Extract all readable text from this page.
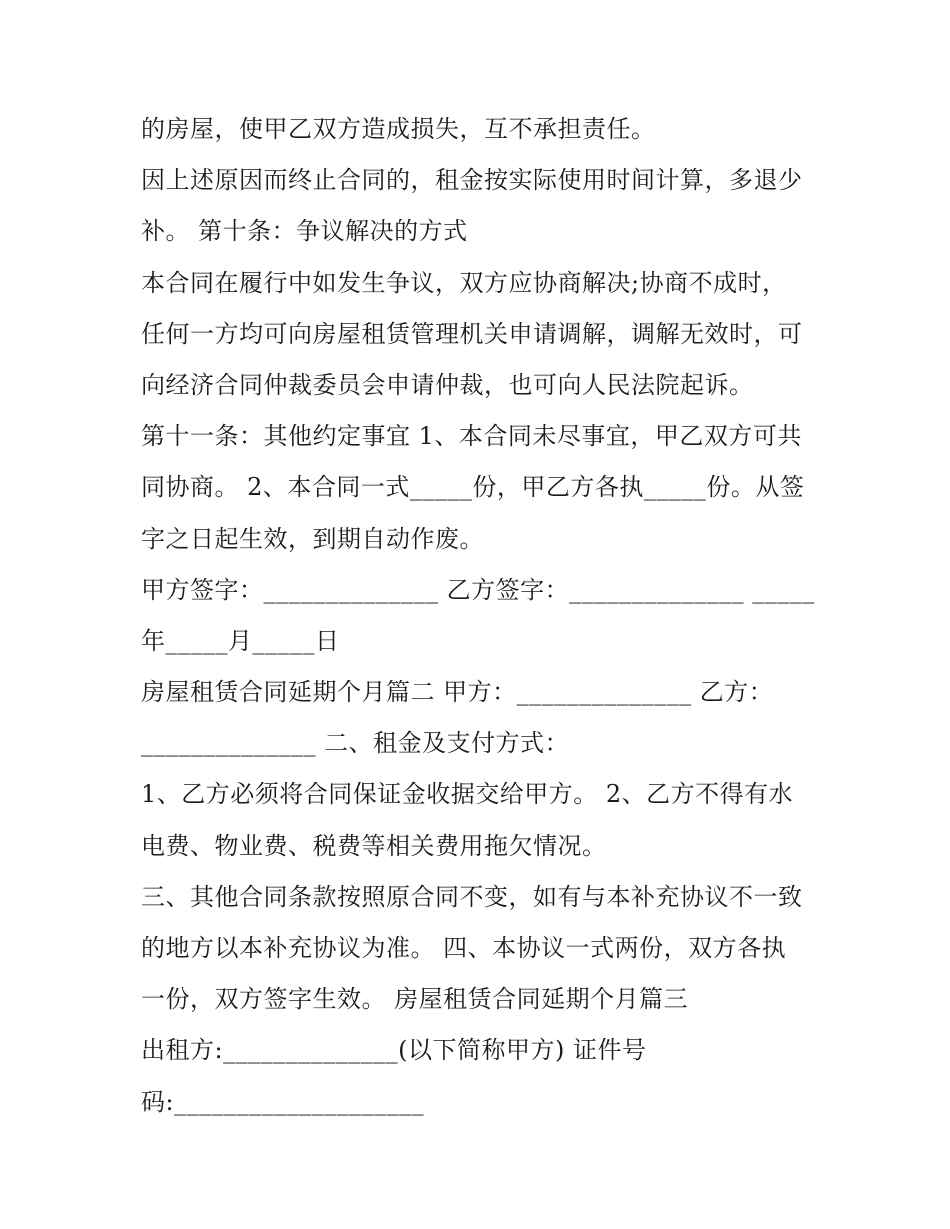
的房屋，使甲乙双方造成损失，互不承担责任。
因上述原因而终止合同的，租金按实际使用时间计算，多退少
补。 第十条：争议解决的方式
本合同在履行中如发生争议，双方应协商解决;协商不成时，
任何一方均可向房屋租赁管理机关申请调解，调解无效时，可
向经济合同仲裁委员会申请仲裁，也可向人民法院起诉。
第十一条：其他约定事宜 1、本合同未尽事宜，甲乙双方可共
同协商。 2、本合同一式_____份，甲乙方各执_____份。从签
字之日起生效，到期自动作废。
甲方签字：______________ 乙方签字：______________ _____
年_____月_____日
房屋租赁合同延期个月篇二 甲方：______________ 乙方：
______________ 二、租金及支付方式：
1、乙方必须将合同保证金收据交给甲方。 2、乙方不得有水
电费、物业费、税费等相关费用拖欠情况。
三、其他合同条款按照原合同不变，如有与本补充协议不一致
的地方以本补充协议为准。 四、本协议一式两份，双方各执
一份，双方签字生效。 房屋租赁合同延期个月篇三
出租方:______________(以下简称甲方) 证件号
码:____________________
